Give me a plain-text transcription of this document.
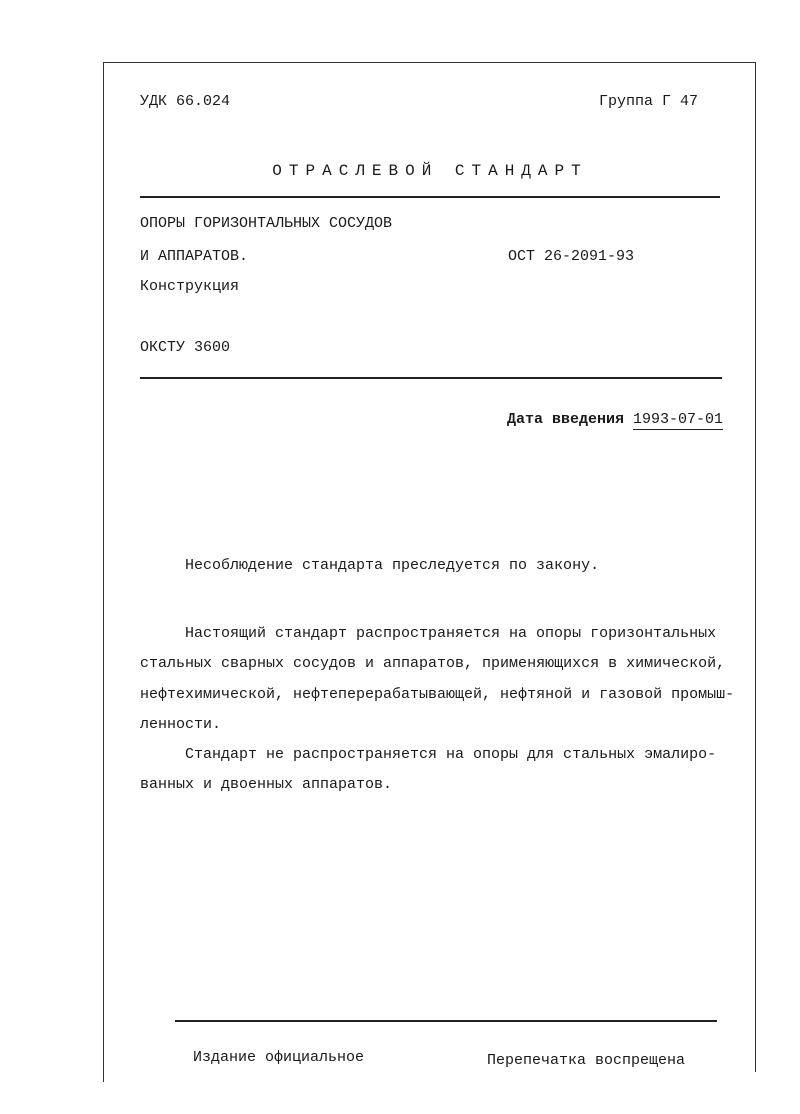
УДК 66.024	Группа Г 47
ОТРАСЛЕВОЙ СТАНДАРТ
ОПОРЫ ГОРИЗОНТАЛЬНЫХ СОСУДОВ
И АППАРАТОВ.
Конструкция
ОСТ 26-2091-93
ОКСТУ 3600
Дата введения 1993-07-01
Несоблюдение стандарта преследуется по закону.
Настоящий стандарт распространяется на опоры горизонтальных
стальных сварных сосудов и аппаратов, применяющихся в химической,
нефтехимической, нефтеперерабатывающей, нефтяной и газовой промыш-
ленности.
Стандарт не распространяется на опоры для стальных эмалиро-
ванных и двоенных аппаратов.
Издание официальное	Перепечатка воспрещена
